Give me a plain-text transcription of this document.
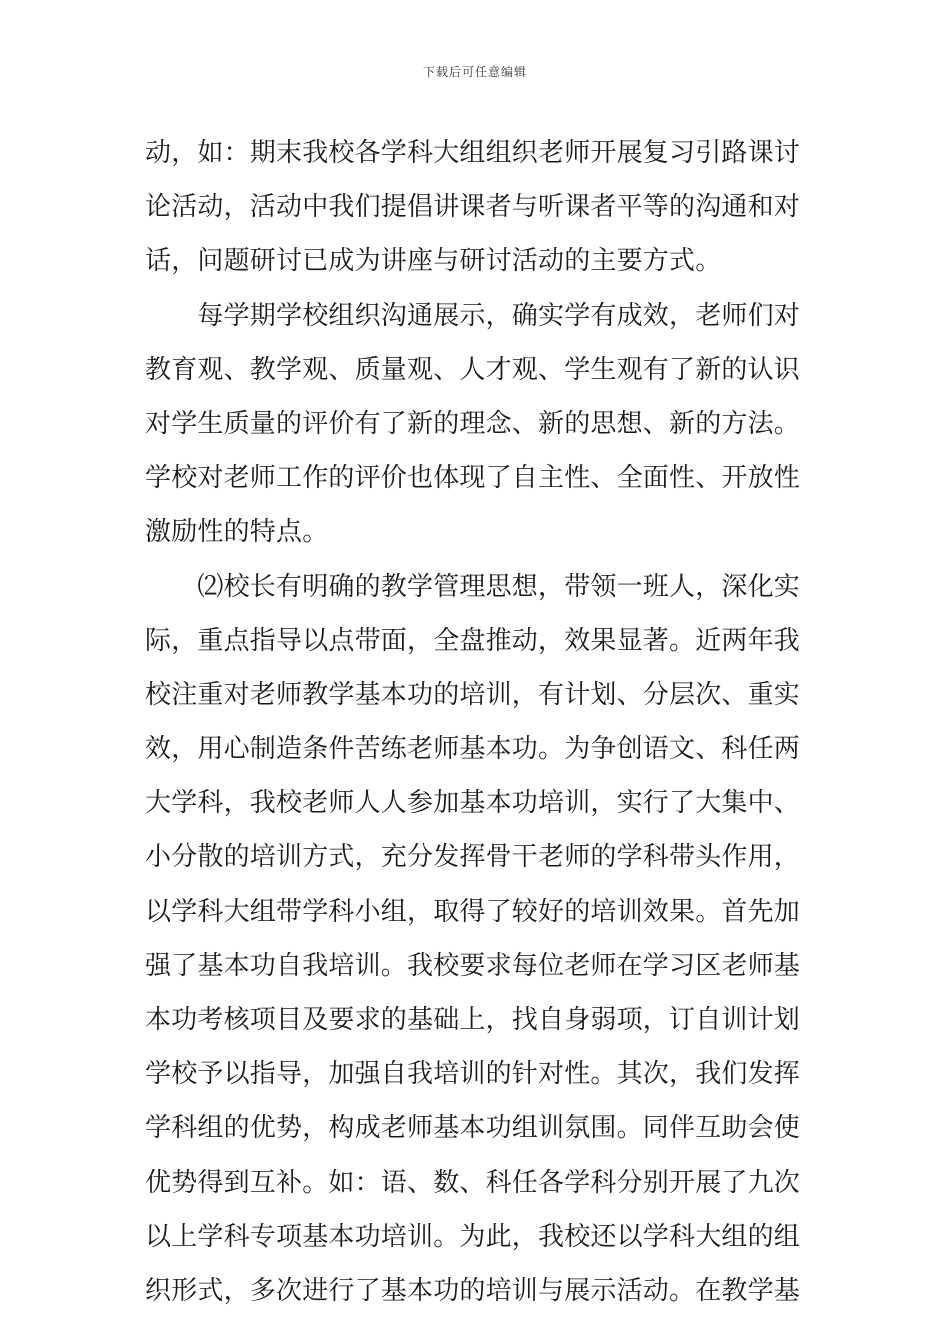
下载后可任意编辑
动，如：期末我校各学科大组组织老师开展复习引路课讨
论活动，活动中我们提倡讲课者与听课者平等的沟通和对
话，问题研讨已成为讲座与研讨活动的主要方式。
　　每学期学校组织沟通展示，确实学有成效，老师们对
教育观、教学观、质量观、人才观、学生观有了新的认识
对学生质量的评价有了新的理念、新的思想、新的方法。
学校对老师工作的评价也体现了自主性、全面性、开放性
激励性的特点。
　　⑵校长有明确的教学管理思想，带领一班人，深化实
际，重点指导以点带面，全盘推动，效果显著。近两年我
校注重对老师教学基本功的培训，有计划、分层次、重实
效，用心制造条件苦练老师基本功。为争创语文、科任两
大学科，我校老师人人参加基本功培训，实行了大集中、
小分散的培训方式，充分发挥骨干老师的学科带头作用，
以学科大组带学科小组，取得了较好的培训效果。首先加
强了基本功自我培训。我校要求每位老师在学习区老师基
本功考核项目及要求的基础上，找自身弱项，订自训计划
学校予以指导，加强自我培训的针对性。其次，我们发挥
学科组的优势，构成老师基本功组训氛围。同伴互助会使
优势得到互补。如：语、数、科任各学科分别开展了九次
以上学科专项基本功培训。为此，我校还以学科大组的组
织形式，多次进行了基本功的培训与展示活动。在教学基
